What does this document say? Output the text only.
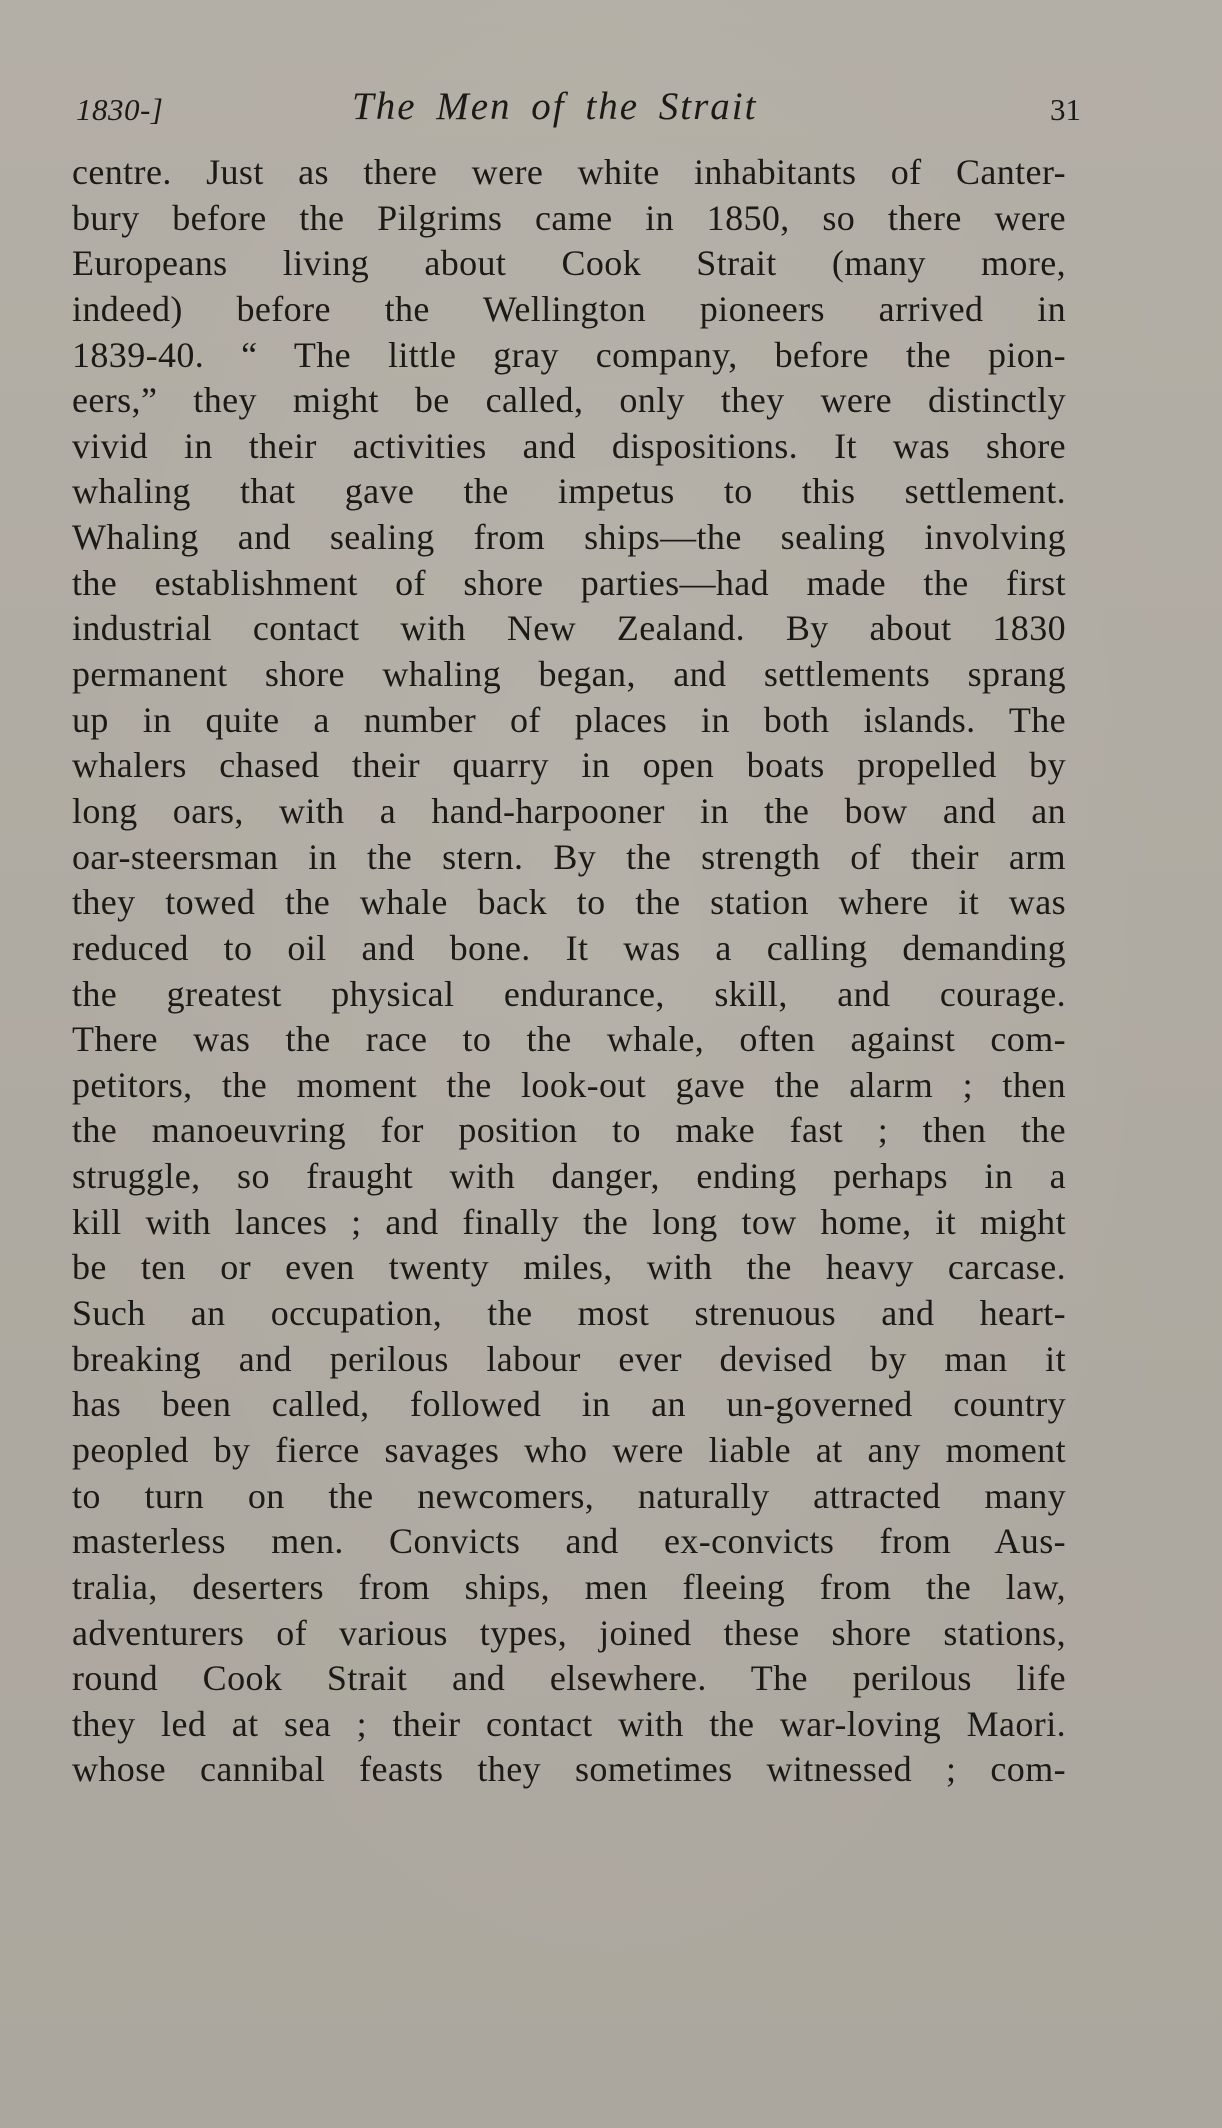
1830-]	The Men of the Strait	31
centre. Just as there were white inhabitants of Canter-
bury before the Pilgrims came in 1850, so there were
Europeans living about Cook Strait (many more,
indeed) before the Wellington pioneers arrived in
1839-40. “ The little gray company, before the pion-
eers,” they might be called, only they were distinctly
vivid in their activities and dispositions. It was shore
whaling that gave the impetus to this settlement.
Whaling and sealing from ships—the sealing involving
the establishment of shore parties—had made the first
industrial contact with New Zealand. By about 1830
permanent shore whaling began, and settlements sprang
up in quite a number of places in both islands. The
whalers chased their quarry in open boats propelled by
long oars, with a hand-harpooner in the bow and an
oar-steersman in the stern. By the strength of their arm
they towed the whale back to the station where it was
reduced to oil and bone. It was a calling demanding
the greatest physical endurance, skill, and courage.
There was the race to the whale, often against com-
petitors, the moment the look-out gave the alarm ; then
the manoeuvring for position to make fast ; then the
struggle, so fraught with danger, ending perhaps in a
kill with lances ; and finally the long tow home, it might
be ten or even twenty miles, with the heavy carcase.
Such an occupation, the most strenuous and heart-
breaking and perilous labour ever devised by man it
has been called, followed in an un-governed country
peopled by fierce savages who were liable at any moment
to turn on the newcomers, naturally attracted many
masterless men. Convicts and ex-convicts from Aus-
tralia, deserters from ships, men fleeing from the law,
adventurers of various types, joined these shore stations,
round Cook Strait and elsewhere. The perilous life
they led at sea ; their contact with the war-loving Maori.
whose cannibal feasts they sometimes witnessed ; com-
